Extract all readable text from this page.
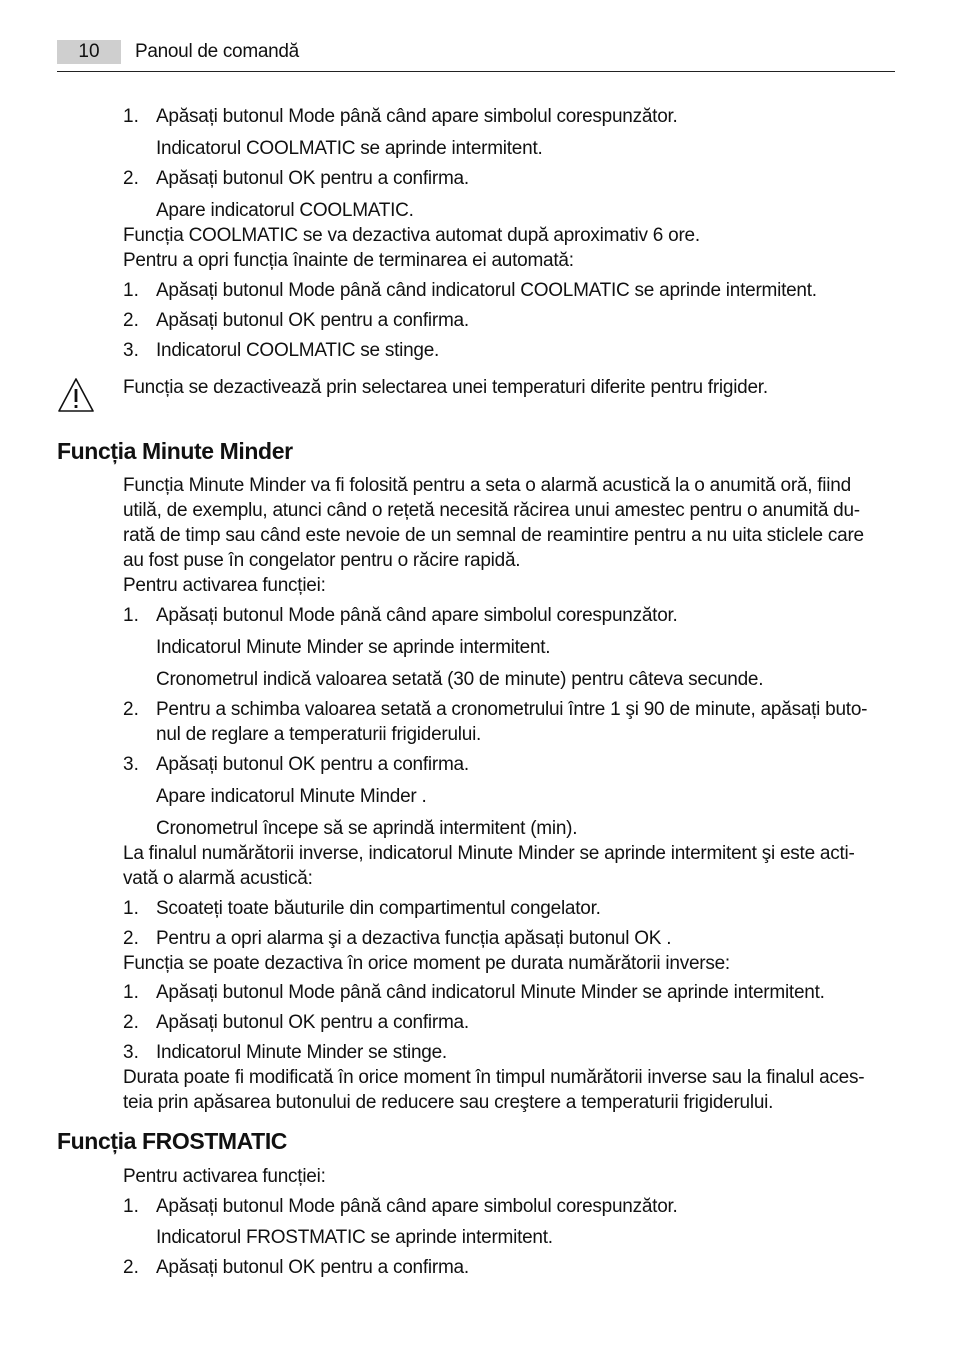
10	Panoul de comandă
1. Apăsați butonul Mode până când apare simbolul corespunzător.
Indicatorul COOLMATIC se aprinde intermitent.
2. Apăsați butonul OK pentru a confirma.
Apare indicatorul COOLMATIC.
Funcția COOLMATIC se va dezactiva automat după aproximativ 6 ore.
Pentru a opri funcția înainte de terminarea ei automată:
1. Apăsați butonul Mode până când indicatorul COOLMATIC se aprinde intermitent.
2. Apăsați butonul OK pentru a confirma.
3. Indicatorul COOLMATIC se stinge.
Funcția se dezactivează prin selectarea unei temperaturi diferite pentru frigider.
Funcția Minute Minder
Funcția Minute Minder va fi folosită pentru a seta o alarmă acustică la o anumită oră, fiind
utilă, de exemplu, atunci când o rețetă necesită răcirea unui amestec pentru o anumită du-
rată de timp sau când este nevoie de un semnal de reamintire pentru a nu uita sticlele care
au fost puse în congelator pentru o răcire rapidă.
Pentru activarea funcției:
1. Apăsați butonul Mode până când apare simbolul corespunzător.
Indicatorul Minute Minder se aprinde intermitent.
Cronometrul indică valoarea setată (30 de minute) pentru câteva secunde.
2. Pentru a schimba valoarea setată a cronometrului între 1 şi 90 de minute, apăsați buto-
nul de reglare a temperaturii frigiderului.
3. Apăsați butonul OK pentru a confirma.
Apare indicatorul Minute Minder .
Cronometrul începe să se aprindă intermitent (min).
La finalul numărătorii inverse, indicatorul Minute Minder se aprinde intermitent şi este acti-
vată o alarmă acustică:
1. Scoateți toate băuturile din compartimentul congelator.
2. Pentru a opri alarma şi a dezactiva funcția apăsați butonul OK .
Funcția se poate dezactiva în orice moment pe durata numărătorii inverse:
1. Apăsați butonul Mode până când indicatorul Minute Minder se aprinde intermitent.
2. Apăsați butonul OK pentru a confirma.
3. Indicatorul Minute Minder se stinge.
Durata poate fi modificată în orice moment în timpul numărătorii inverse sau la finalul aces-
teia prin apăsarea butonului de reducere sau creştere a temperaturii frigiderului.
Funcția FROSTMATIC
Pentru activarea funcției:
1. Apăsați butonul Mode până când apare simbolul corespunzător.
Indicatorul FROSTMATIC se aprinde intermitent.
2. Apăsați butonul OK pentru a confirma.
